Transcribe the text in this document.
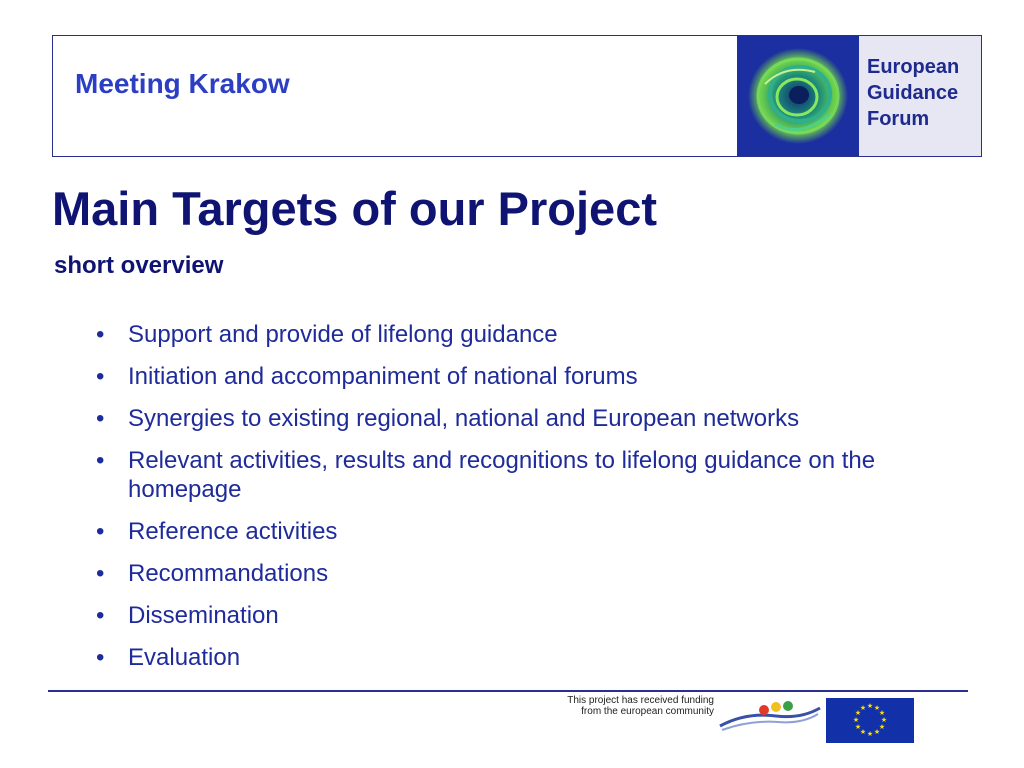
Meeting Krakow
European
Guidance
Forum
Main Targets of our Project
short overview
• Support and provide of lifelong guidance
• Initiation and accompaniment of national forums
• Synergies to existing regional, national and European networks
• Relevant activities, results and recognitions to lifelong guidance on the homepage
• Reference activities
• Recommandations
• Dissemination
• Evaluation
This project has received funding
from the european community	★ ★
★
★
★
★
★
★
★
★
★
★
